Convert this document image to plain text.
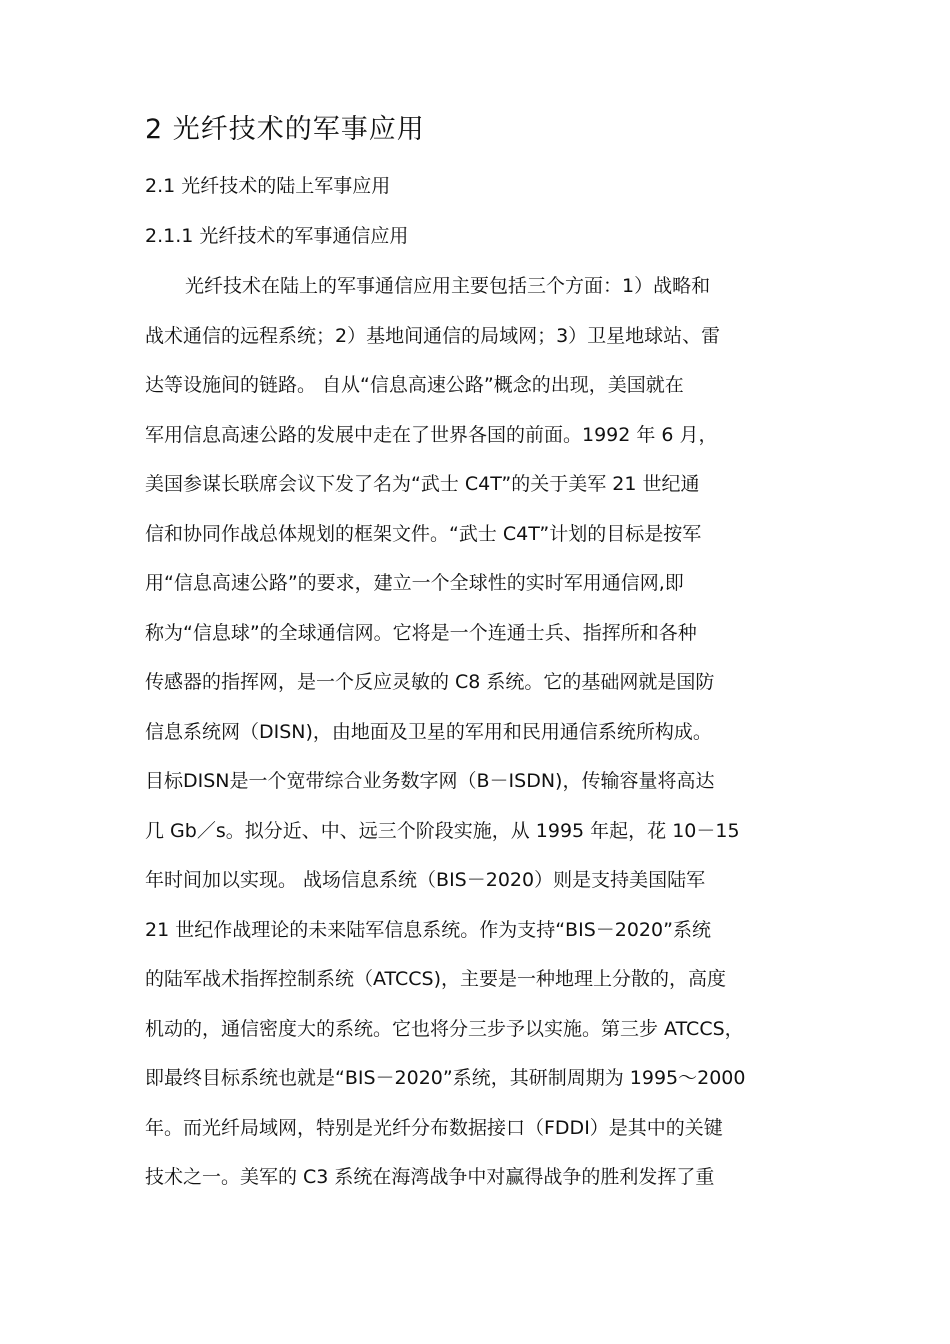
2 光纤技术的军事应用
2.1 光纤技术的陆上军事应用
2.1.1 光纤技术的军事通信应用
光纤技术在陆上的军事通信应用主要包括三个方面：1）战略和
战术通信的远程系统；2）基地间通信的局域网；3）卫星地球站、雷
达等设施间的链路。 自从“信息高速公路”概念的出现，美国就在
军用信息高速公路的发展中走在了世界各国的前面。1992 年 6 月，
美国参谋长联席会议下发了名为“武士 C4T”的关于美军 21 世纪通
信和协同作战总体规划的框架文件。“武士 C4T”计划的目标是按军
用“信息高速公路”的要求，建立一个全球性的实时军用通信网,即
称为“信息球”的全球通信网。它将是一个连通士兵、指挥所和各种
传感器的指挥网，是一个反应灵敏的 C8 系统。它的基础网就是国防
信息系统网（DISN)，由地面及卫星的军用和民用通信系统所构成。
目标DISN是一个宽带综合业务数字网（B－ISDN)，传输容量将高达
几 Gb／s。拟分近、中、远三个阶段实施，从 1995 年起，花 10－15
年时间加以实现。 战场信息系统（BIS－2020）则是支持美国陆军
21 世纪作战理论的未来陆军信息系统。作为支持“BIS－2020”系统
的陆军战术指挥控制系统（ATCCS)，主要是一种地理上分散的，高度
机动的，通信密度大的系统。它也将分三步予以实施。第三步 ATCCS，
即最终目标系统也就是“BIS－2020”系统，其研制周期为 1995～2000
年。而光纤局域网，特别是光纤分布数据接口（FDDI）是其中的关键
技术之一。美军的 C3 系统在海湾战争中对赢得战争的胜利发挥了重
